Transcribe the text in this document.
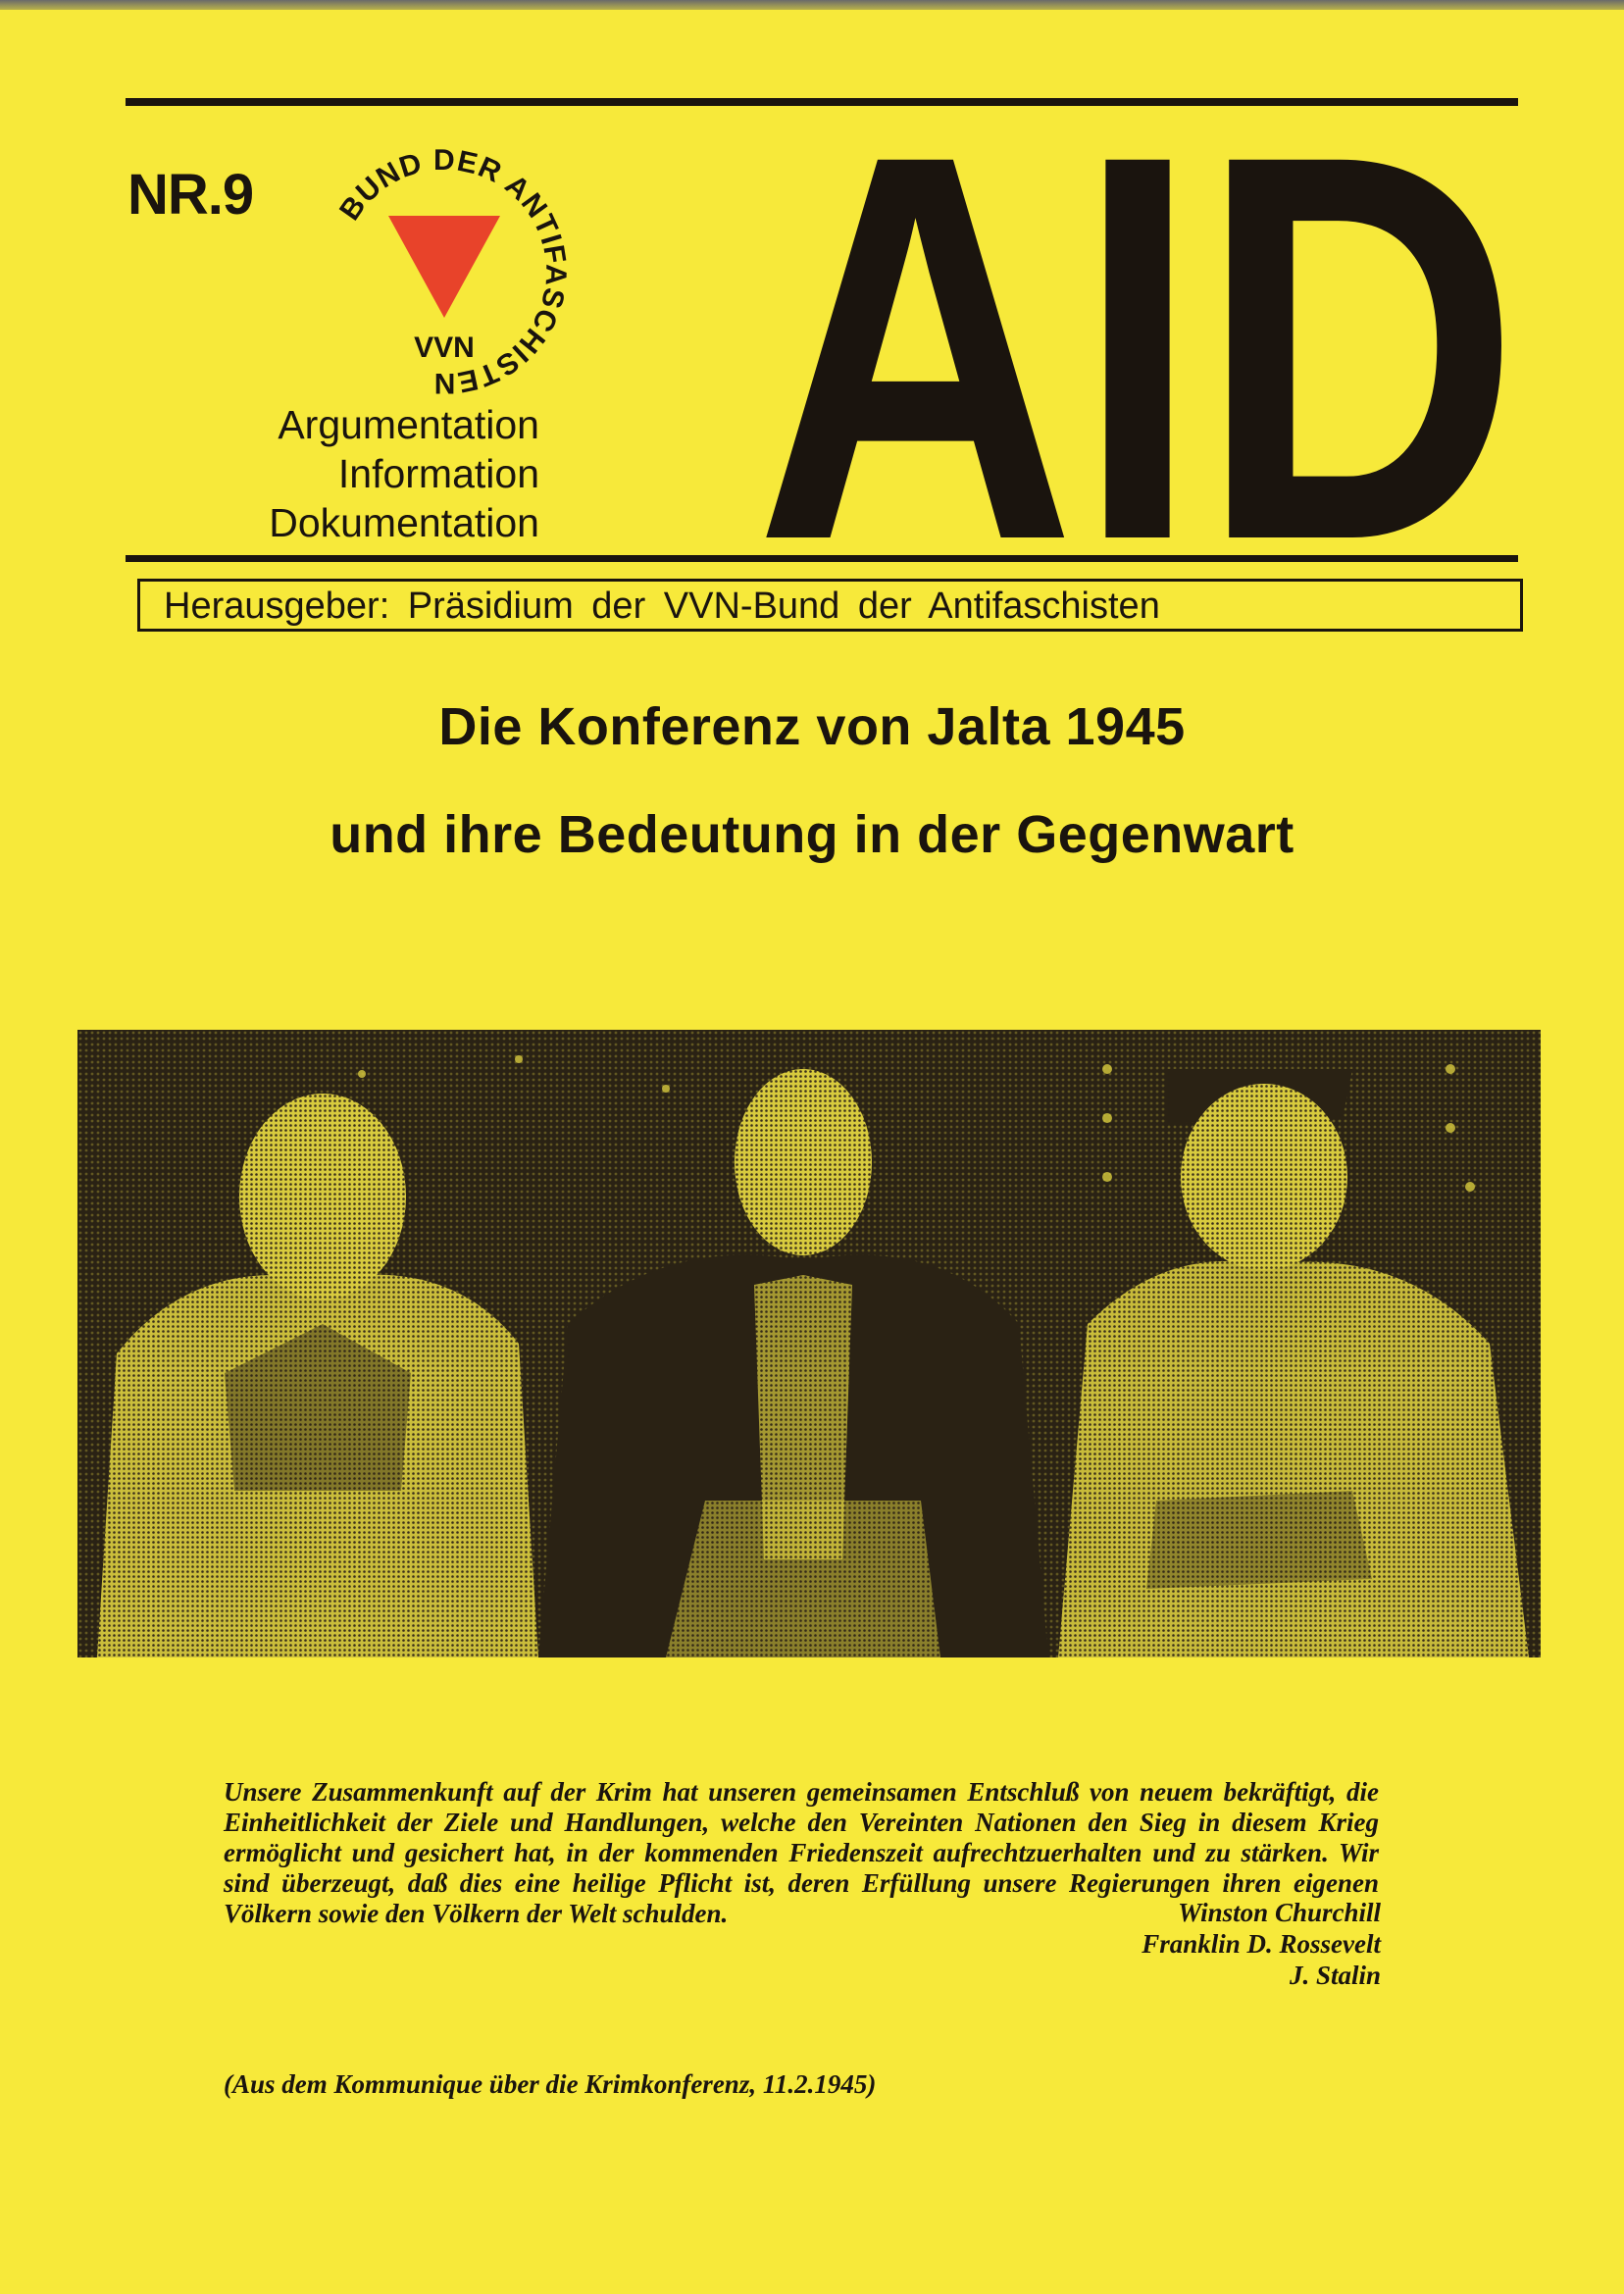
NR.9	BUND DER ANTIFASCHISTEN
VVN
Argumentation
Information
Dokumentation AID
Herausgeber: Präsidium der VVN-Bund der Antifaschisten
Die Konferenz von Jalta 1945
und ihre Bedeutung in der Gegenwart
Unsere Zusammenkunft auf der Krim hat unseren gemeinsamen Entschluß von neuem bekräftigt, die Einheitlichkeit der Ziele und Handlungen, welche den Vereinten Nationen den Sieg in diesem Krieg ermöglicht und gesichert hat, in der kommenden Friedenszeit aufrechtzuerhalten und zu stärken. Wir sind überzeugt, daß dies eine heilige Pflicht ist, deren Erfüllung unsere Regierungen ihren eigenen Völkern sowie den Völkern der Welt schulden.	Winston Churchill
Franklin D. Rossevelt
J. Stalin
(Aus dem Kommunique über die Krimkonferenz, 11.2.1945)
